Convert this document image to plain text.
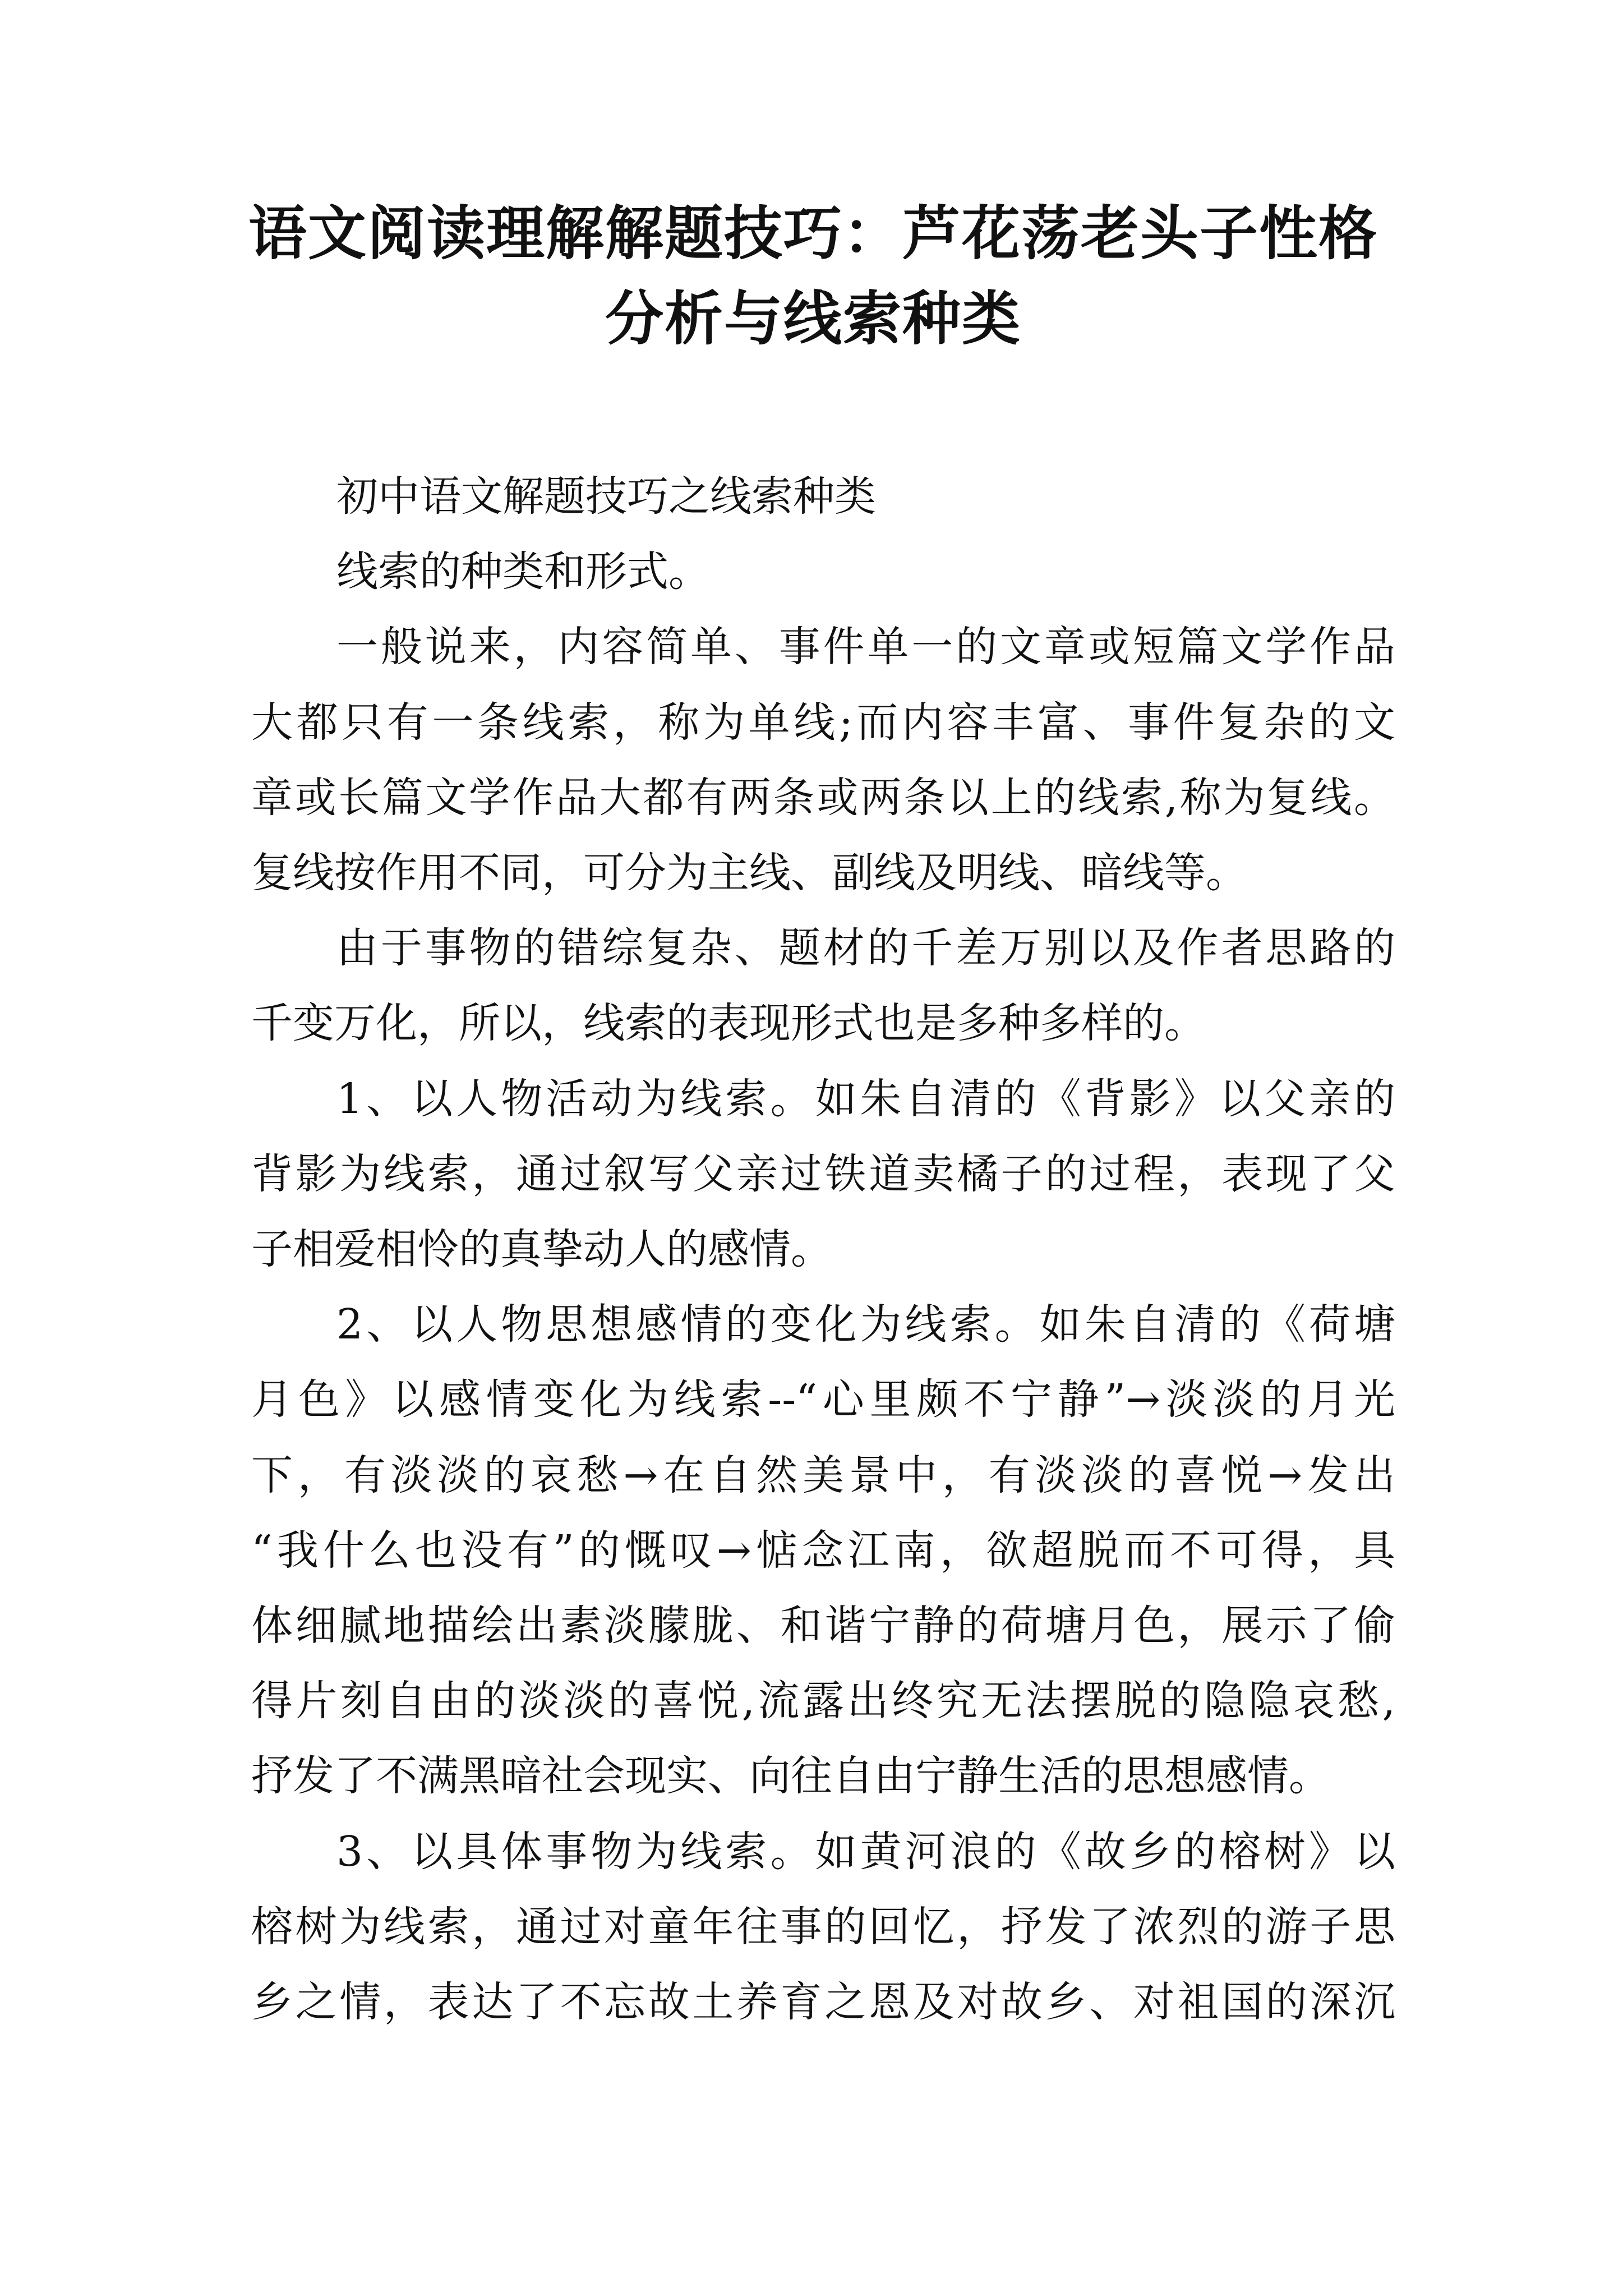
语文阅读理解解题技巧：芦花荡老头子性格
分析与线索种类

初中语文解题技巧之线索种类

线索的种类和形式。

一般说来，内容简单、事件单一的文章或短篇文学作品
大都只有一条线索，称为单线;而内容丰富、事件复杂的文
章或长篇文学作品大都有两条或两条以上的线索,称为复线。
复线按作用不同，可分为主线、副线及明线、暗线等。

由于事物的错综复杂、题材的千差万别以及作者思路的
千变万化，所以，线索的表现形式也是多种多样的。

1、以人物活动为线索。如朱自清的《背影》以父亲的
背影为线索，通过叙写父亲过铁道卖橘子的过程，表现了父
子相爱相怜的真挚动人的感情。

2、以人物思想感情的变化为线索。如朱自清的《荷塘
月色》以感情变化为线索--“心里颇不宁静”→淡淡的月光
下，有淡淡的哀愁→在自然美景中，有淡淡的喜悦→发出
“我什么也没有”的慨叹→惦念江南，欲超脱而不可得，具
体细腻地描绘出素淡朦胧、和谐宁静的荷塘月色，展示了偷
得片刻自由的淡淡的喜悦,流露出终究无法摆脱的隐隐哀愁,
抒发了不满黑暗社会现实、向往自由宁静生活的思想感情。

3、以具体事物为线索。如黄河浪的《故乡的榕树》以
榕树为线索，通过对童年往事的回忆，抒发了浓烈的游子思
乡之情，表达了不忘故土养育之恩及对故乡、对祖国的深沉
